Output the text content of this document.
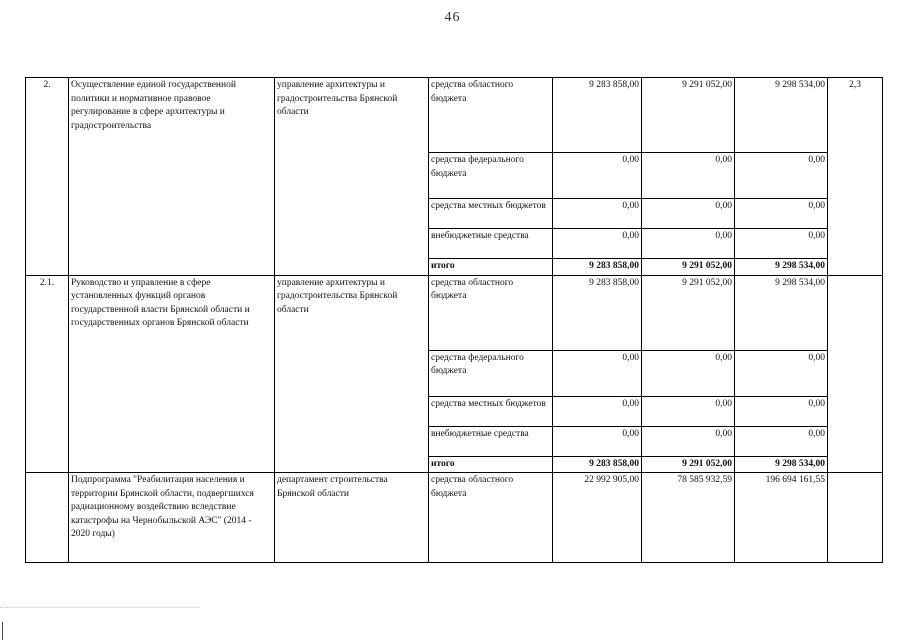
46
2.	Осуществление единой государственной политики и нормативное правовое регулирование в сфере архитектуры и градостроительства	управление архитектуры и градостроительства Брянской области	средства областного бюджета	9 283 858,00	9 291 052,00	9 298 534,00	2,3
			средства федерального бюджета	0,00	0,00	0,00	
			средства местных бюджетов	0,00	0,00	0,00	
			внебюджетные средства	0,00	0,00	0,00	
			итого	9 283 858,00	9 291 052,00	9 298 534,00	
2.1.	Руководство и управление в сфере установленных функций органов государственной власти Брянской области и государственных органов Брянской области	управление архитектуры и градостроительства Брянской области	средства областного бюджета	9 283 858,00	9 291 052,00	9 298 534,00	
			средства федерального бюджета	0,00	0,00	0,00	
			средства местных бюджетов	0,00	0,00	0,00	
			внебюджетные средства	0,00	0,00	0,00	
			итого	9 283 858,00	9 291 052,00	9 298 534,00	
	Подпрограмма "Реабилитация населения и территории Брянской области, подвергшихся радиационному воздействию вследствие катастрофы на Чернобыльской АЭС" (2014 - 2020 годы)	департамент строительства Брянской области	средства областного бюджета	22 992 905,00	78 585 932,59	196 694 161,55	
